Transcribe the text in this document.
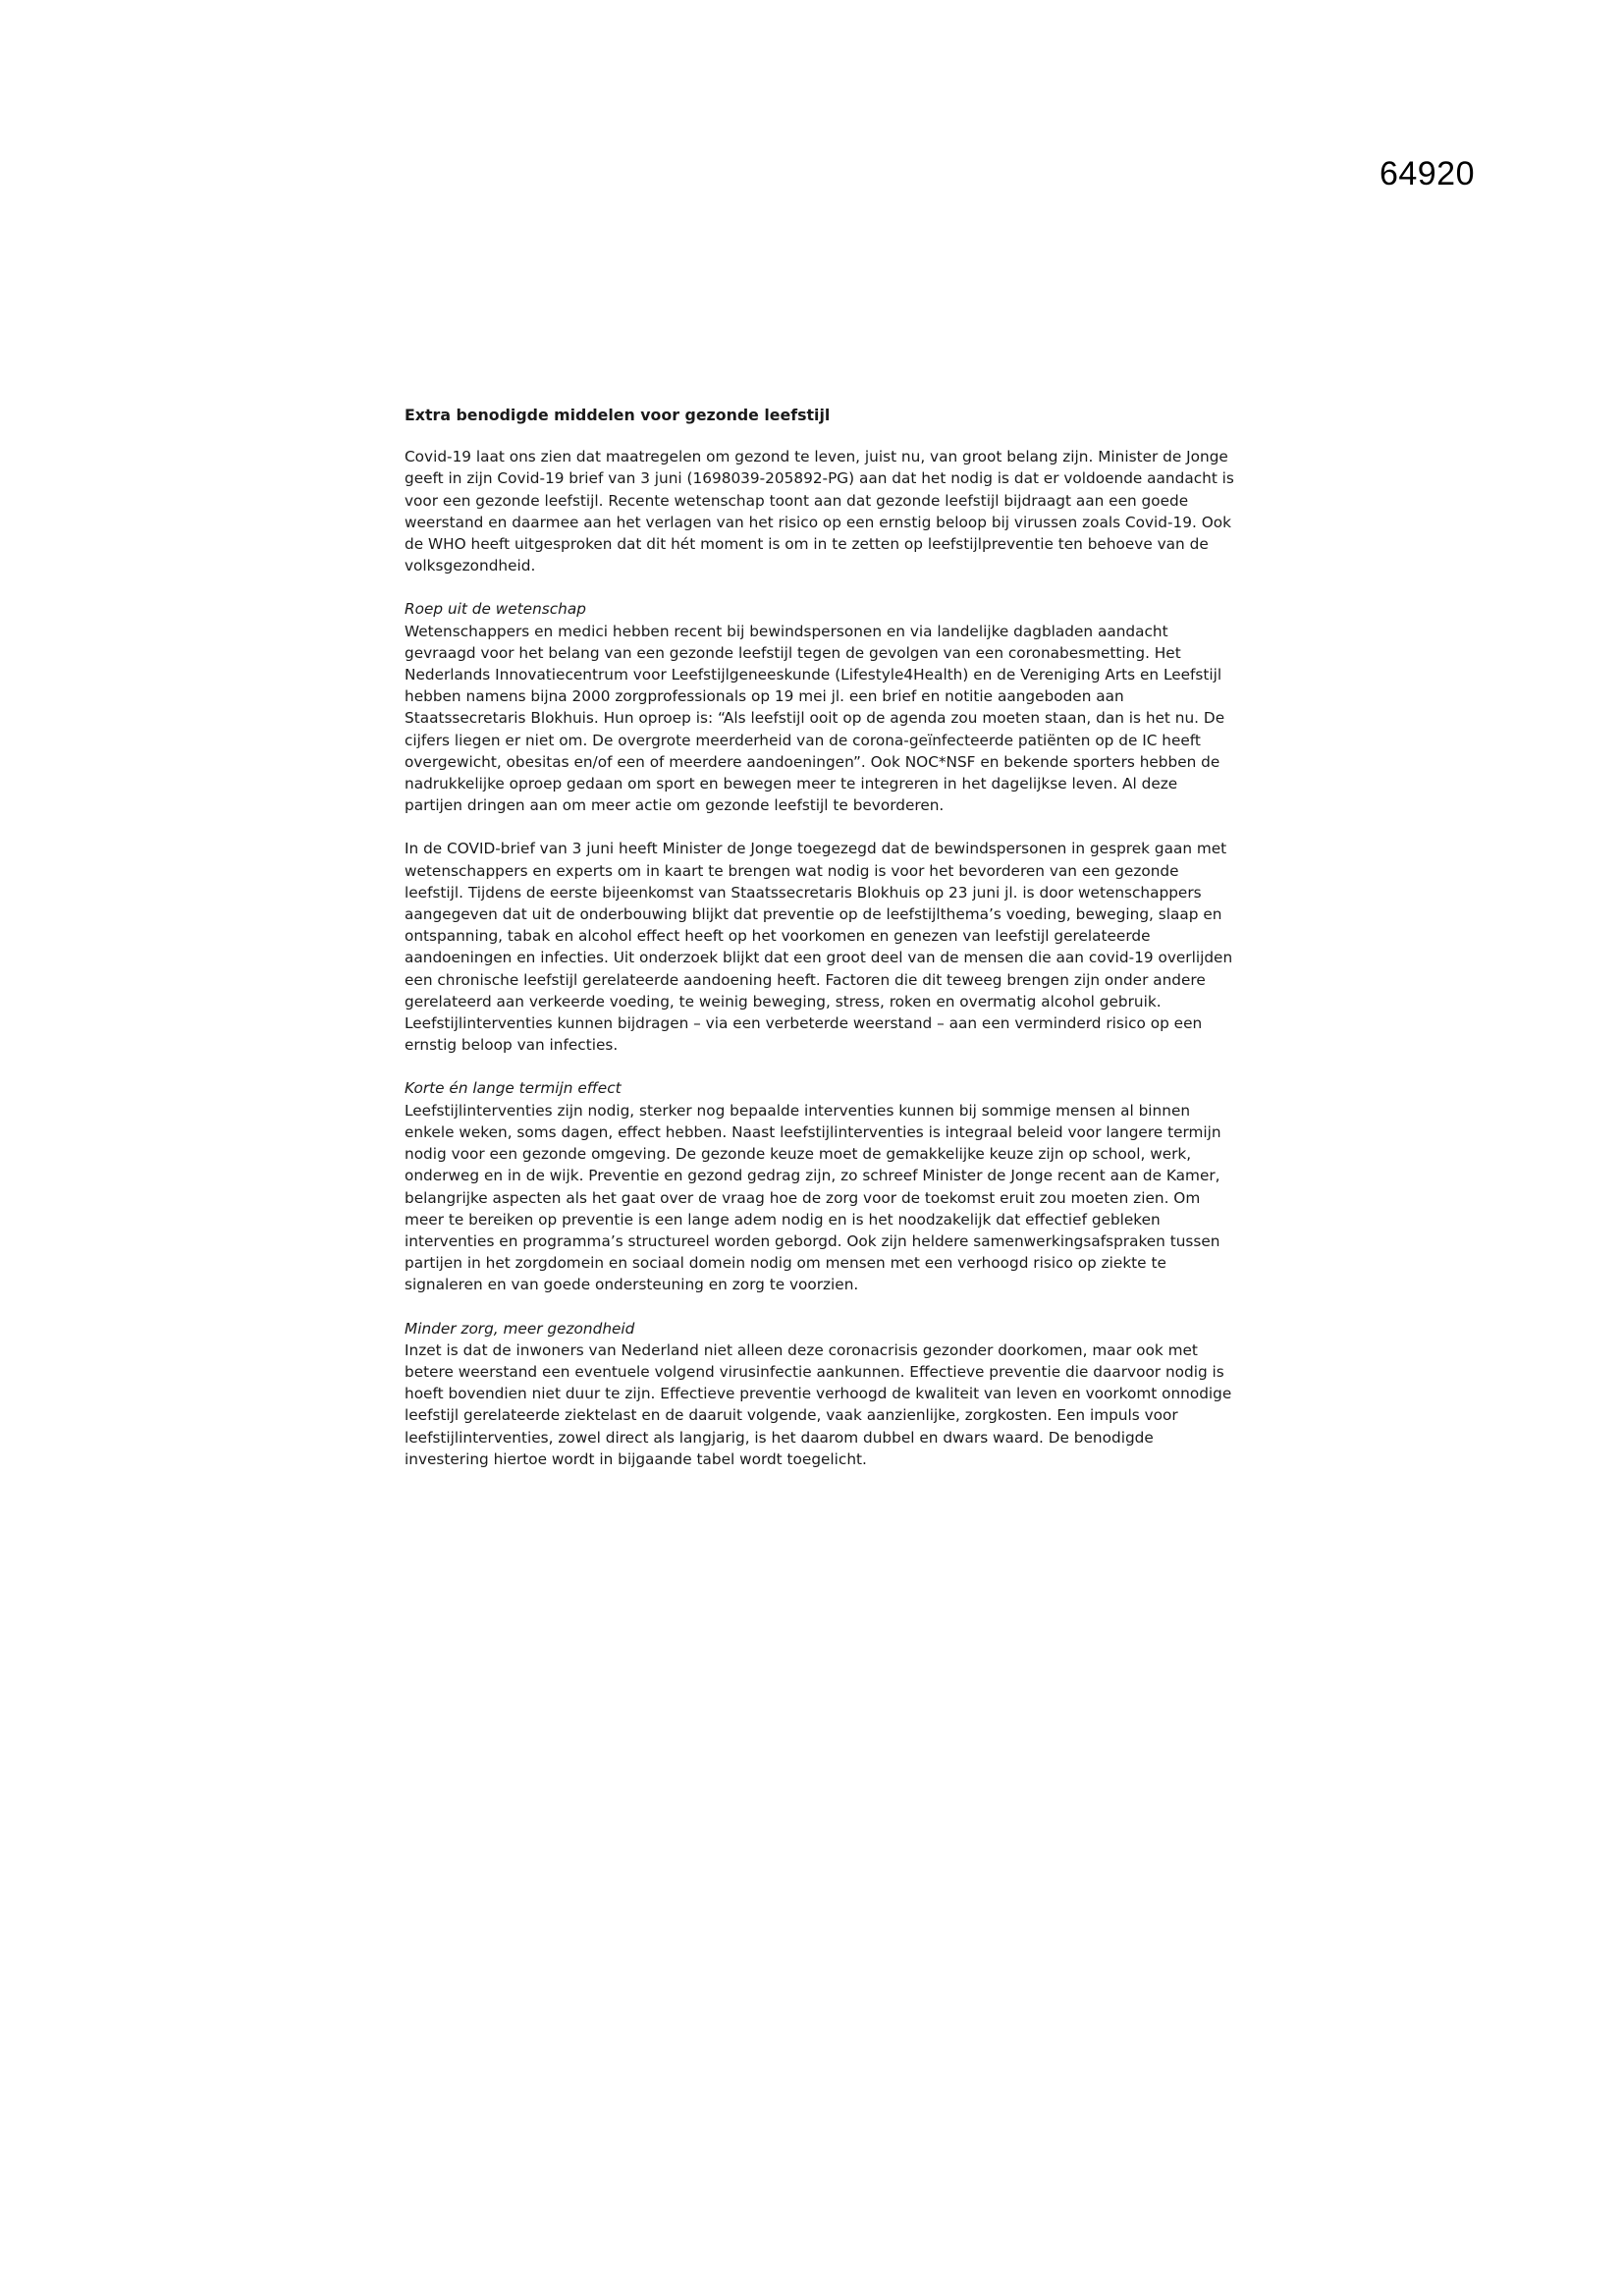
64920
Extra benodigde middelen voor gezonde leefstijl
Covid-19 laat ons zien dat maatregelen om gezond te leven, juist nu, van groot belang zijn. Minister de Jonge geeft in zijn Covid-19 brief van 3 juni (1698039-205892-PG) aan dat het nodig is dat er voldoende aandacht is voor een gezonde leefstijl. Recente wetenschap toont aan dat gezonde leefstijl bijdraagt aan een goede weerstand en daarmee aan het verlagen van het risico op een ernstig beloop bij virussen zoals Covid-19. Ook de WHO heeft uitgesproken dat dit hét moment is om in te zetten op leefstijlpreventie ten behoeve van de volksgezondheid.
Roep uit de wetenschap
Wetenschappers en medici hebben recent bij bewindspersonen en via landelijke dagbladen aandacht gevraagd voor het belang van een gezonde leefstijl tegen de gevolgen van een coronabesmetting. Het Nederlands Innovatiecentrum voor Leefstijlgeneeskunde (Lifestyle4Health) en de Vereniging Arts en Leefstijl hebben namens bijna 2000 zorgprofessionals op 19 mei jl. een brief en notitie aangeboden aan Staatssecretaris Blokhuis. Hun oproep is: “Als leefstijl ooit op de agenda zou moeten staan, dan is het nu. De cijfers liegen er niet om. De overgrote meerderheid van de corona-geïnfecteerde patiënten op de IC heeft overgewicht, obesitas en/of een of meerdere aandoeningen”. Ook NOC*NSF en bekende sporters hebben de nadrukkelijke oproep gedaan om sport en bewegen meer te integreren in het dagelijkse leven. Al deze partijen dringen aan om meer actie om gezonde leefstijl te bevorderen.
In de COVID-brief van 3 juni heeft Minister de Jonge toegezegd dat de bewindspersonen in gesprek gaan met wetenschappers en experts om in kaart te brengen wat nodig is voor het bevorderen van een gezonde leefstijl. Tijdens de eerste bijeenkomst van Staatssecretaris Blokhuis op 23 juni jl. is door wetenschappers aangegeven dat uit de onderbouwing blijkt dat preventie op de leefstijlthema’s voeding, beweging, slaap en ontspanning, tabak en alcohol effect heeft op het voorkomen en genezen van leefstijl gerelateerde aandoeningen en infecties. Uit onderzoek blijkt dat een groot deel van de mensen die aan covid-19 overlijden een chronische leefstijl gerelateerde aandoening heeft. Factoren die dit teweeg brengen zijn onder andere gerelateerd aan verkeerde voeding, te weinig beweging, stress, roken en overmatig alcohol gebruik. Leefstijlinterventies kunnen bijdragen – via een verbeterde weerstand – aan een verminderd risico op een ernstig beloop van infecties.
Korte én lange termijn effect
Leefstijlinterventies zijn nodig, sterker nog bepaalde interventies kunnen bij sommige mensen al binnen enkele weken, soms dagen, effect hebben. Naast leefstijlinterventies is integraal beleid voor langere termijn nodig voor een gezonde omgeving. De gezonde keuze moet de gemakkelijke keuze zijn op school, werk, onderweg en in de wijk. Preventie en gezond gedrag zijn, zo schreef Minister de Jonge recent aan de Kamer, belangrijke aspecten als het gaat over de vraag hoe de zorg voor de toekomst eruit zou moeten zien. Om meer te bereiken op preventie is een lange adem nodig en is het noodzakelijk dat effectief gebleken interventies en programma’s structureel worden geborgd. Ook zijn heldere samenwerkingsafspraken tussen partijen in het zorgdomein en sociaal domein nodig om mensen met een verhoogd risico op ziekte te signaleren en van goede ondersteuning en zorg te voorzien.
Minder zorg, meer gezondheid
Inzet is dat de inwoners van Nederland niet alleen deze coronacrisis gezonder doorkomen, maar ook met betere weerstand een eventuele volgend virusinfectie aankunnen. Effectieve preventie die daarvoor nodig is hoeft bovendien niet duur te zijn. Effectieve preventie verhoogd de kwaliteit van leven en voorkomt onnodige leefstijl gerelateerde ziektelast en de daaruit volgende, vaak aanzienlijke, zorgkosten. Een impuls voor leefstijlinterventies, zowel direct als langjarig, is het daarom dubbel en dwars waard. De benodigde investering hiertoe wordt in bijgaande tabel wordt toegelicht.
